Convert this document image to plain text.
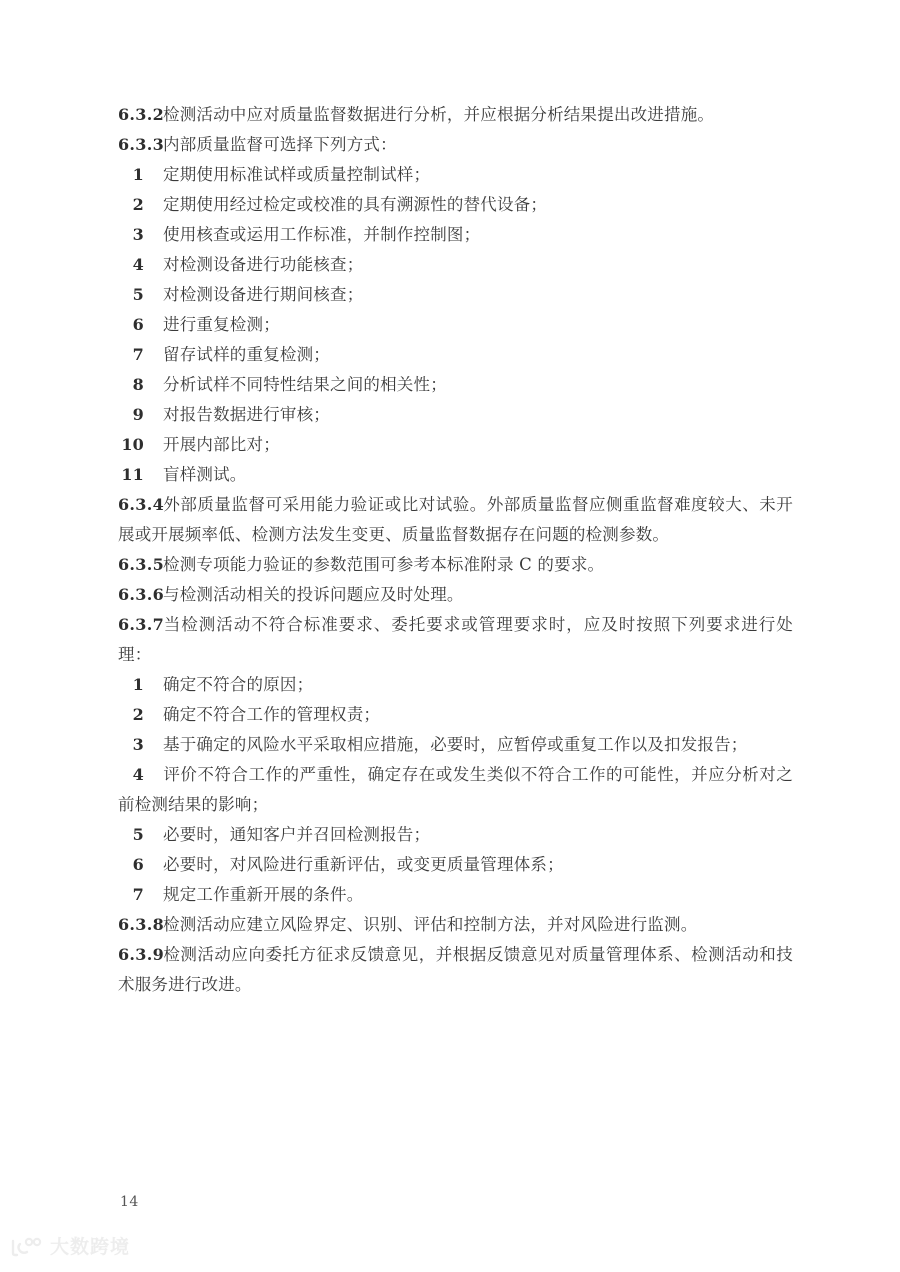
6.3.2检测活动中应对质量监督数据进行分析，并应根据分析结果提出改进措施。

6.3.3内部质量监督可选择下列方式：

1 定期使用标准试样或质量控制试样；

2 定期使用经过检定或校准的具有溯源性的替代设备；

3 使用核查或运用工作标准，并制作控制图；

4 对检测设备进行功能核查；

5 对检测设备进行期间核查；

6 进行重复检测；

7 留存试样的重复检测；

8 分析试样不同特性结果之间的相关性；

9 对报告数据进行审核；

10 开展内部比对；

11 盲样测试。

6.3.4外部质量监督可采用能力验证或比对试验。外部质量监督应侧重监督难度较大、未开展或开展频率低、检测方法发生变更、质量监督数据存在问题的检测参数。

6.3.5检测专项能力验证的参数范围可参考本标准附录 C 的要求。

6.3.6与检测活动相关的投诉问题应及时处理。

6.3.7当检测活动不符合标准要求、委托要求或管理要求时，应及时按照下列要求进行处理：

1 确定不符合的原因；

2 确定不符合工作的管理权责；

3 基于确定的风险水平采取相应措施，必要时，应暂停或重复工作以及扣发报告；

4 评价不符合工作的严重性，确定存在或发生类似不符合工作的可能性，并应分析对之前检测结果的影响；

5 必要时，通知客户并召回检测报告；

6 必要时，对风险进行重新评估，或变更质量管理体系；

7 规定工作重新开展的条件。

6.3.8检测活动应建立风险界定、识别、评估和控制方法，并对风险进行监测。

6.3.9检测活动应向委托方征求反馈意见，并根据反馈意见对质量管理体系、检测活动和技术服务进行改进。

14
大数跨境
